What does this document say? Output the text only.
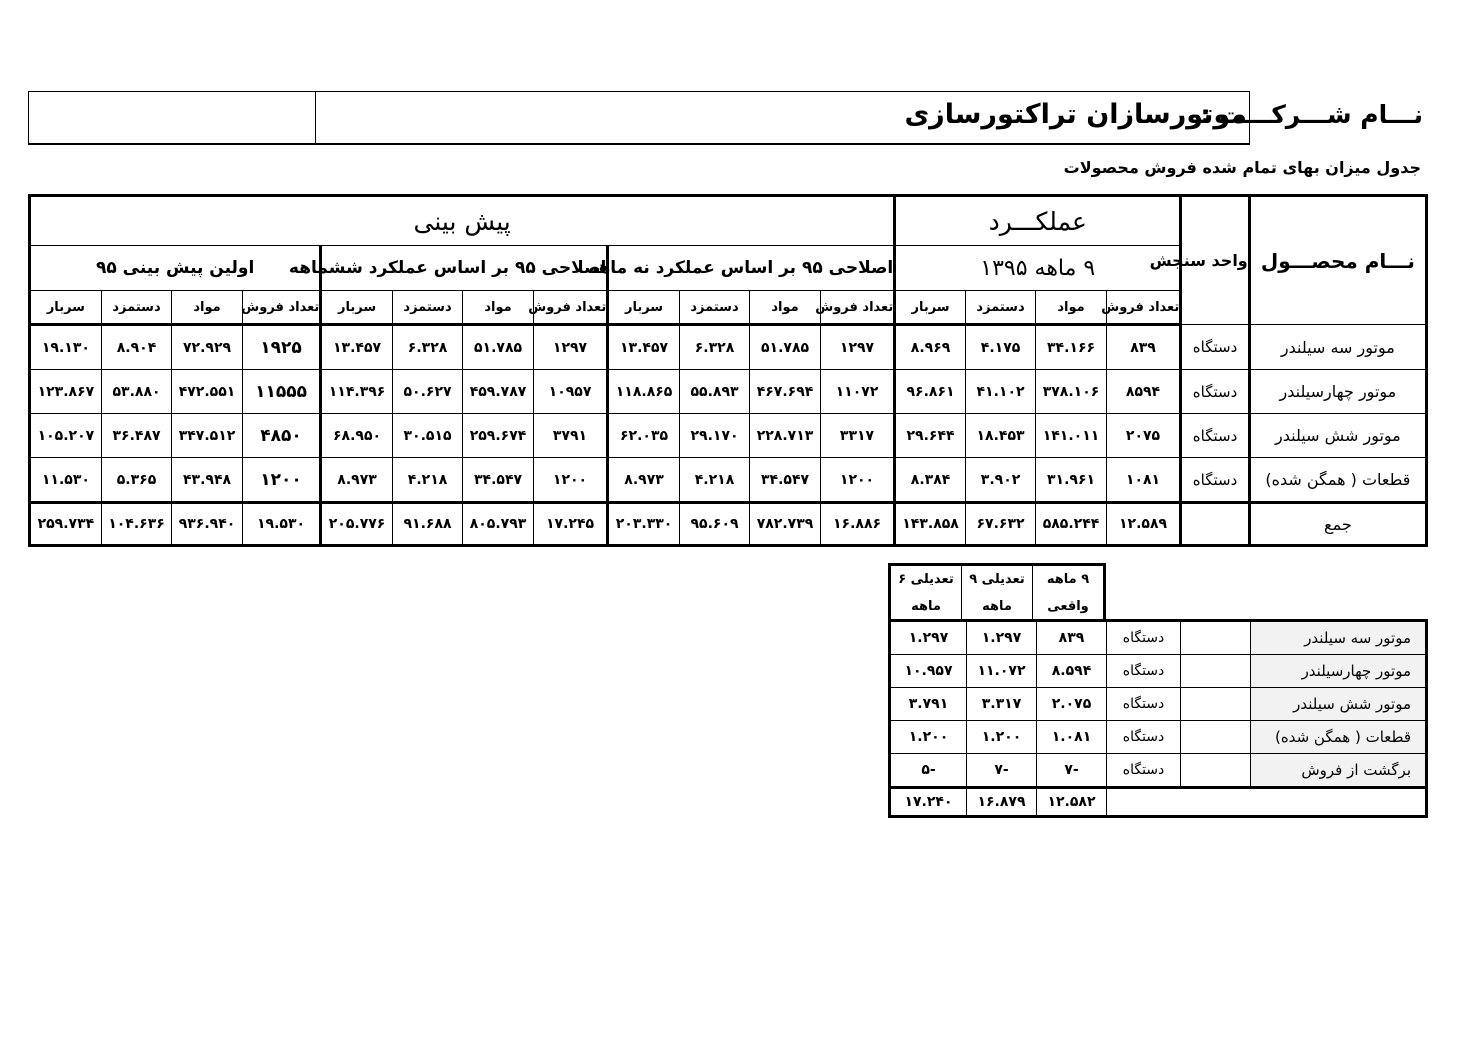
نـــام شـــرکـــت :
موتورسازان تراکتورسازی
جدول میزان بهای تمام شده فروش محصولات
نـــام محصـــول	واحد سنجش	عملکـــرد				پیش بینی											
		۹ ماهه ۱۳۹۵				اصلاحی ۹۵ بر اساس عملکرد نه ماهه				اصلاحی ۹۵ بر اساس عملکرد ششماهه				اولین پیش بینی ۹۵			
		تعداد فروش	مواد	دستمزد	سربار	تعداد فروش	مواد	دستمزد	سربار	تعداد فروش	مواد	دستمزد	سربار	تعداد فروش	مواد	دستمزد	سربار
موتور سه سیلندر	دستگاه	۸۳۹	۳۴.۱۶۶	۴.۱۷۵	۸.۹۶۹	۱۲۹۷	۵۱.۷۸۵	۶.۳۲۸	۱۳.۴۵۷	۱۲۹۷	۵۱.۷۸۵	۶.۳۲۸	۱۳.۴۵۷	۱۹۲۵	۷۲.۹۲۹	۸.۹۰۴	۱۹.۱۳۰
موتور چهارسیلندر	دستگاه	۸۵۹۴	۳۷۸.۱۰۶	۴۱.۱۰۲	۹۶.۸۶۱	۱۱۰۷۲	۴۶۷.۶۹۴	۵۵.۸۹۳	۱۱۸.۸۶۵	۱۰۹۵۷	۴۵۹.۷۸۷	۵۰.۶۲۷	۱۱۴.۳۹۶	۱۱۵۵۵	۴۷۲.۵۵۱	۵۳.۸۸۰	۱۲۳.۸۶۷
موتور شش سیلندر	دستگاه	۲۰۷۵	۱۴۱.۰۱۱	۱۸.۴۵۳	۲۹.۶۴۴	۳۳۱۷	۲۲۸.۷۱۳	۲۹.۱۷۰	۶۲.۰۳۵	۳۷۹۱	۲۵۹.۶۷۴	۳۰.۵۱۵	۶۸.۹۵۰	۴۸۵۰	۳۴۷.۵۱۲	۳۶.۴۸۷	۱۰۵.۲۰۷
قطعات ( همگن شده)	دستگاه	۱۰۸۱	۳۱.۹۶۱	۳.۹۰۲	۸.۳۸۴	۱۲۰۰	۳۴.۵۴۷	۴.۲۱۸	۸.۹۷۳	۱۲۰۰	۳۴.۵۴۷	۴.۲۱۸	۸.۹۷۳	۱۲۰۰	۴۳.۹۴۸	۵.۳۶۵	۱۱.۵۳۰
جمع		۱۲.۵۸۹	۵۸۵.۲۴۴	۶۷.۶۳۲	۱۴۳.۸۵۸	۱۶.۸۸۶	۷۸۲.۷۳۹	۹۵.۶۰۹	۲۰۳.۳۳۰	۱۷.۲۴۵	۸۰۵.۷۹۳	۹۱.۶۸۸	۲۰۵.۷۷۶	۱۹.۵۳۰	۹۳۶.۹۴۰	۱۰۴.۶۳۶	۲۵۹.۷۳۴
۹ ماهه
واقعی
تعدیلی ۹
ماهه
تعدیلی ۶
ماهه
موتور سه سیلندر		دستگاه	۸۳۹	۱.۲۹۷	۱.۲۹۷
موتور چهارسیلندر		دستگاه	۸.۵۹۴	۱۱.۰۷۲	۱۰.۹۵۷
موتور شش سیلندر		دستگاه	۲.۰۷۵	۳.۳۱۷	۳.۷۹۱
قطعات ( همگن شده)		دستگاه	۱.۰۸۱	۱.۲۰۰	۱.۲۰۰
برگشت از فروش		دستگاه	-۷	-۷	-۵
			۱۲.۵۸۲	۱۶.۸۷۹	۱۷.۲۴۰
